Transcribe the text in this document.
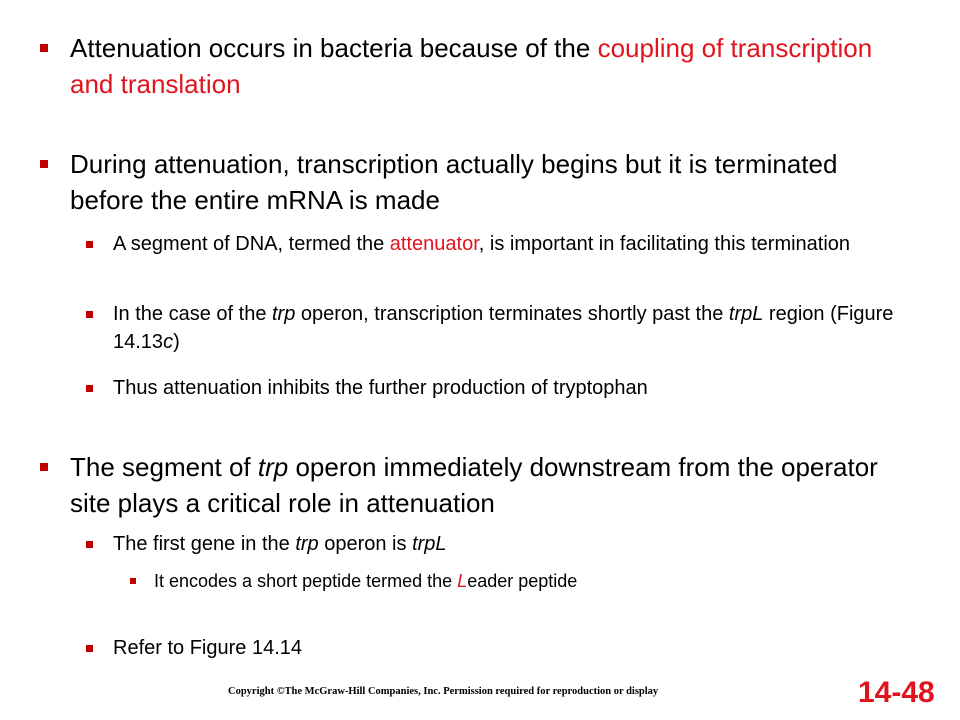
Attenuation occurs in bacteria because of the coupling of transcription and translation
During attenuation, transcription actually begins but it is terminated before the entire mRNA is made
A segment of DNA, termed the attenuator, is important in facilitating this termination
In the case of the trp operon, transcription terminates shortly past the trpL region (Figure 14.13c)
Thus attenuation inhibits the further production of tryptophan
The segment of trp operon immediately downstream from the operator site plays a critical role in attenuation
The first gene in the trp operon is trpL
It encodes a short peptide termed the Leader peptide
Refer to Figure 14.14
Copyright ©The McGraw-Hill Companies, Inc. Permission required for reproduction or display	14-48
